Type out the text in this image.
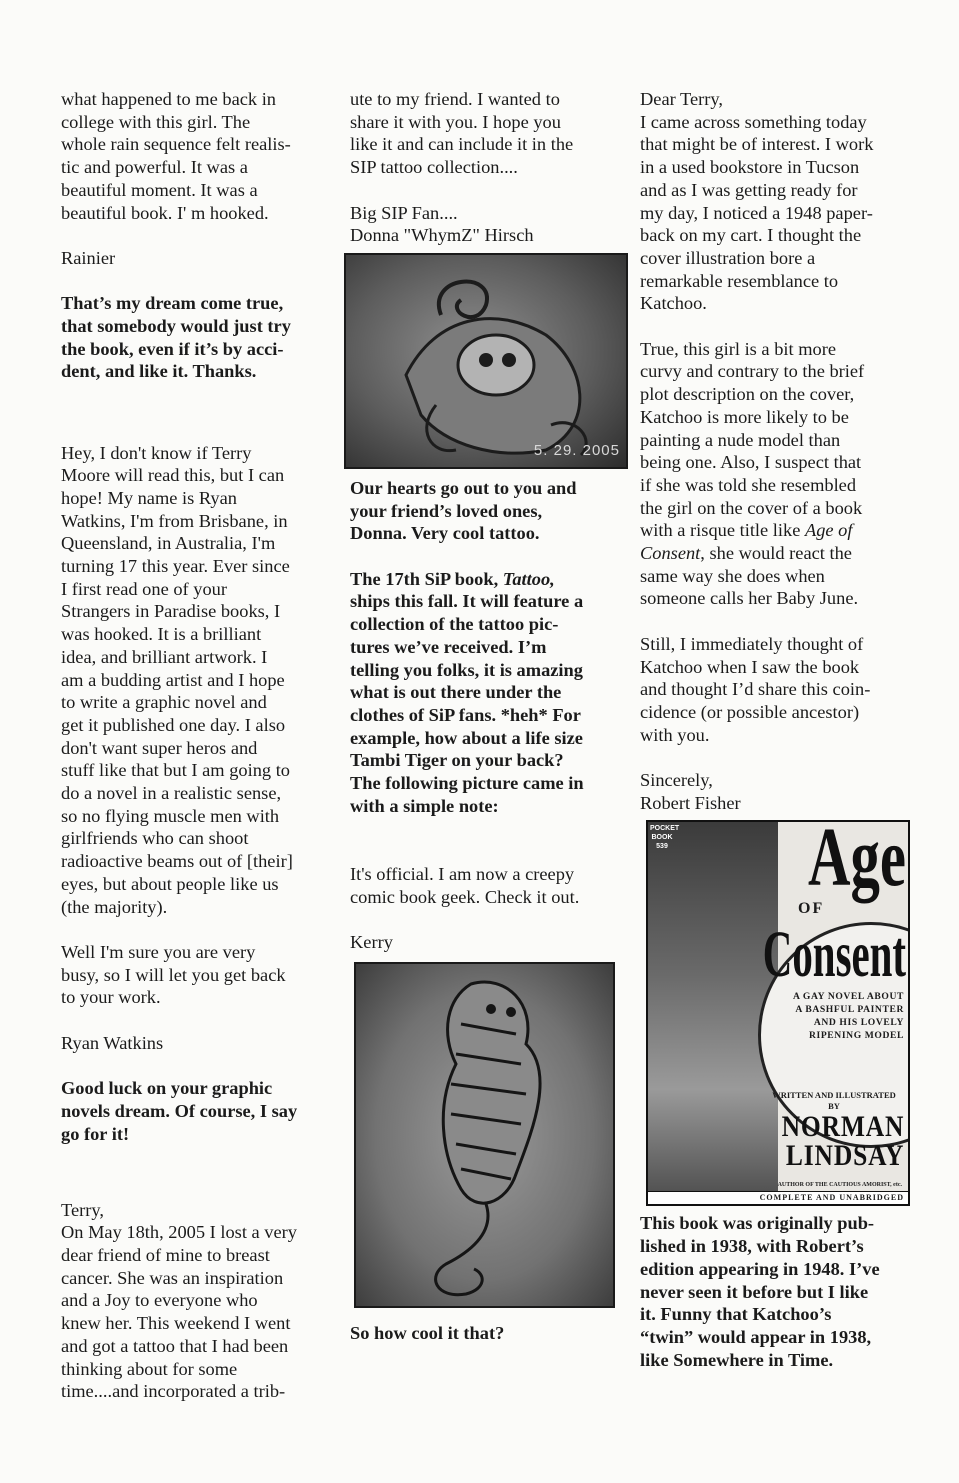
what happened to me back in
college with this girl. The
whole rain sequence felt realis-
tic and powerful. It was a
beautiful moment. It was a
beautiful book. I' m hooked.

Rainier

That’s my dream come true,
that somebody would just try
the book, even if it’s by acci-
dent, and like it. Thanks.

Hey, I don't know if Terry
Moore will read this, but I can
hope! My name is Ryan
Watkins, I'm from Brisbane, in
Queensland, in Australia, I'm
turning 17 this year. Ever since
I first read one of your
Strangers in Paradise books, I
was hooked. It is a brilliant
idea, and brilliant artwork. I
am a budding artist and I hope
to write a graphic novel and
get it published one day. I also
don't want super heros and
stuff like that but I am going to
do a novel in a realistic sense,
so no flying muscle men with
girlfriends who can shoot
radioactive beams out of [their]
eyes, but about people like us
(the majority).

Well I'm sure you are very
busy, so I will let you get back
to your work.

Ryan Watkins

Good luck on your graphic
novels dream. Of course, I say
go for it!

Terry,
On May 18th, 2005 I lost a very
dear friend of mine to breast
cancer. She was an inspiration
and a Joy to everyone who
knew her. This weekend I went
and got a tattoo that I had been
thinking about for some
time....and incorporated a trib-

ute to my friend. I wanted to
share it with you. I hope you
like it and can include it in the
SIP tattoo collection....

Big SIP Fan....
Donna "WhymZ" Hirsch

5. 29. 2005

Our hearts go out to you and
your friend’s loved ones,
Donna. Very cool tattoo.

The 17th SiP book, Tattoo,
ships this fall. It will feature a
collection of the tattoo pic-
tures we’ve received. I’m
telling you folks, it is amazing
what is out there under the
clothes of SiP fans. *heh* For
example, how about a life size
Tambi Tiger on your back?
The following picture came in
with a simple note:

It's official. I am now a creepy
comic book geek. Check it out.

Kerry

So how cool it that?

Dear Terry,
I came across something today
that might be of interest. I work
in a used bookstore in Tucson
and as I was getting ready for
my day, I noticed a 1948 paper-
back on my cart. I thought the
cover illustration bore a
remarkable resemblance to
Katchoo.

True, this girl is a bit more
curvy and contrary to the brief
plot description on the cover,
Katchoo is more likely to be
painting a nude model than
being one. Also, I suspect that
if she was told she resembled
the girl on the cover of a book
with a risque title like Age of
Consent, she would react the
same way she does when
someone calls her Baby June.

Still, I immediately thought of
Katchoo when I saw the book
and thought I’d share this coin-
cidence (or possible ancestor)
with you.

Sincerely,
Robert Fisher

POCKET
BOOK
539 Age
OF
Consent
A GAY NOVEL ABOUT
A BASHFUL PAINTER
AND HIS LOVELY
RIPENING MODEL
WRITTEN AND ILLUSTRATED
BY
NORMAN
LINDSAY
AUTHOR OF THE CAUTIOUS AMORIST, etc.
COMPLETE AND UNABRIDGED

This book was originally pub-
lished in 1938, with Robert’s
edition appearing in 1948. I’ve
never seen it before but I like
it. Funny that Katchoo’s
“twin” would appear in 1938,
like Somewhere in Time.
